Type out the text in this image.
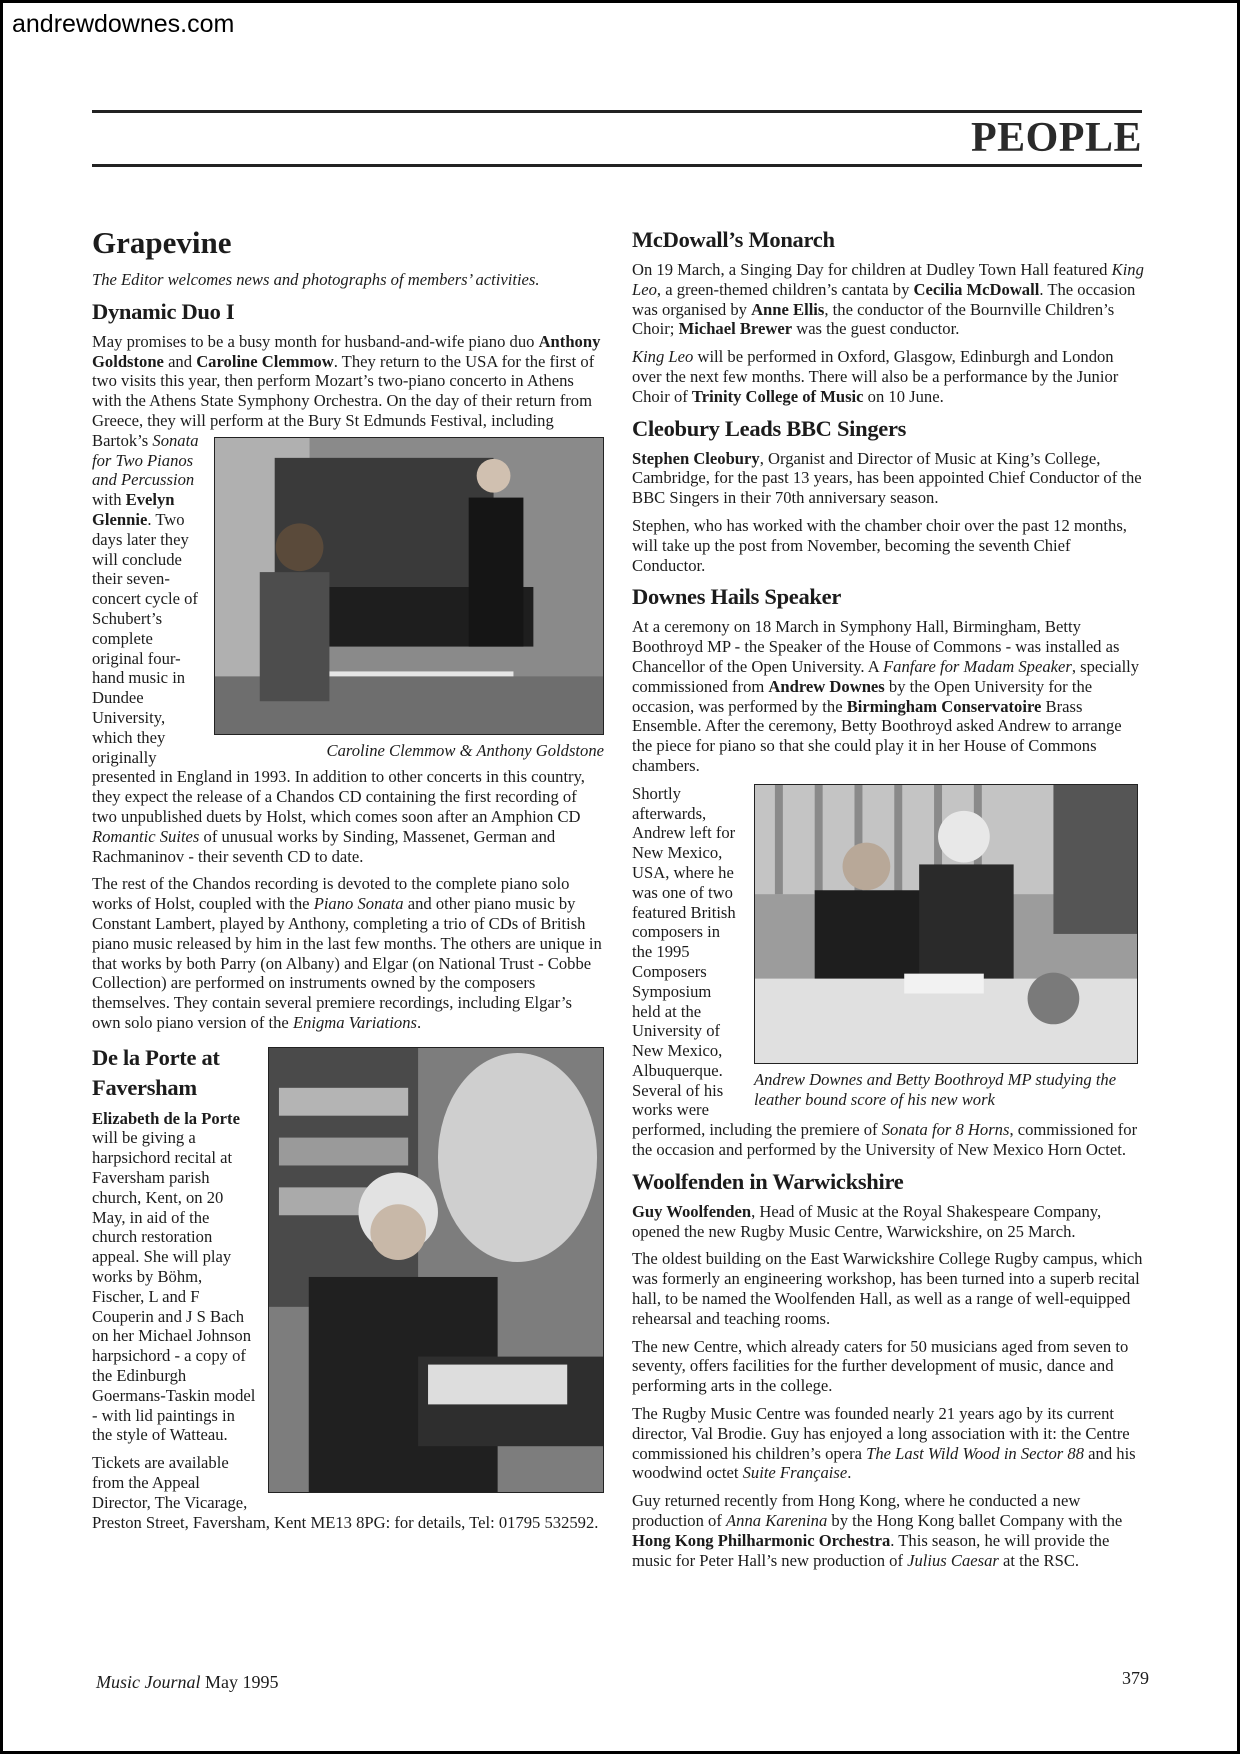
andrewdownes.com
PEOPLE
Grapevine

The Editor welcomes news and photographs of members’ activities.

Dynamic Duo I

May promises to be a busy month for husband-and-wife piano duo Anthony Goldstone and Caroline Clemmow. They return to the USA for the first of two visits this year, then perform Mozart’s two-piano concerto in Athens with the Athens State Symphony Orchestra. On the day of their return from Greece, they will perform at the Bury St Edmunds Festival, including Bartok’s
Caroline Clemmow & Anthony Goldstone
Sonata for Two Pianos and Percussion with Evelyn Glennie. Two days later they will conclude their seven-concert cycle of Schubert’s complete original four-hand music in Dundee University, which they originally presented in England in 1993. In addition to other concerts in this country, they expect the release of a Chandos CD containing the first recording of two unpublished duets by Holst, which comes soon after an Amphion CD Romantic Suites of unusual works by Sinding, Massenet, German and Rachmaninov - their seventh CD to date.

The rest of the Chandos recording is devoted to the complete piano solo works of Holst, coupled with the Piano Sonata and other piano music by Constant Lambert, played by Anthony, completing a trio of CDs of British piano music released by him in the last few months. The others are unique in that works by both Parry (on Albany) and Elgar (on National Trust - Cobbe Collection) are performed on instruments owned by the composers themselves. They contain several premiere recordings, including Elgar’s own solo piano version of the Enigma Variations.

De la Porte at Faversham

Elizabeth de la Porte will be giving a harpsichord recital at Faversham parish church, Kent, on 20 May, in aid of the church restoration appeal. She will play works by Böhm, Fischer, L and F Couperin and J S Bach on her Michael Johnson harpsichord - a copy of the Edinburgh Goermans-Taskin model - with lid paintings in the style of Watteau.

Tickets are available from the Appeal Director, The Vicarage, Preston Street, Faversham, Kent ME13 8PG: for details, Tel: 01795 532592.

McDowall’s Monarch

On 19 March, a Singing Day for children at Dudley Town Hall featured King Leo, a green-themed children’s cantata by Cecilia McDowall. The occasion was organised by Anne Ellis, the conductor of the Bournville Children’s Choir; Michael Brewer was the guest conductor.

King Leo will be performed in Oxford, Glasgow, Edinburgh and London over the next few months. There will also be a performance by the Junior Choir of Trinity College of Music on 10 June.

Cleobury Leads BBC Singers

Stephen Cleobury, Organist and Director of Music at King’s College, Cambridge, for the past 13 years, has been appointed Chief Conductor of the BBC Singers in their 70th anniversary season.

Stephen, who has worked with the chamber choir over the past 12 months, will take up the post from November, becoming the seventh Chief Conductor.

Downes Hails Speaker

At a ceremony on 18 March in Symphony Hall, Birmingham, Betty Boothroyd MP - the Speaker of the House of Commons - was installed as Chancellor of the Open University. A Fanfare for Madam Speaker, specially commissioned from Andrew Downes by the Open University for the occasion, was performed by the Birmingham Conservatoire Brass Ensemble. After the ceremony, Betty Boothroyd asked Andrew to arrange the piece for piano so that she could play it in her House of Commons chambers.

Andrew Downes and Betty Boothroyd MP studying the leather bound score of his new work
Shortly afterwards, Andrew left for New Mexico, USA, where he was one of two featured British composers in the 1995 Composers Symposium held at the University of New Mexico, Albuquerque. Several of his works were performed, including the premiere of Sonata for 8 Horns, commissioned for the occasion and performed by the University of New Mexico Horn Octet.

Woolfenden in Warwickshire

Guy Woolfenden, Head of Music at the Royal Shakespeare Company, opened the new Rugby Music Centre, Warwickshire, on 25 March.

The oldest building on the East Warwickshire College Rugby campus, which was formerly an engineering workshop, has been turned into a superb recital hall, to be named the Woolfenden Hall, as well as a range of well-equipped rehearsal and teaching rooms.

The new Centre, which already caters for 50 musicians aged from seven to seventy, offers facilities for the further development of music, dance and performing arts in the college.

The Rugby Music Centre was founded nearly 21 years ago by its current director, Val Brodie. Guy has enjoyed a long association with it: the Centre commissioned his children’s opera The Last Wild Wood in Sector 88 and his woodwind octet Suite Française.

Guy returned recently from Hong Kong, where he conducted a new production of Anna Karenina by the Hong Kong ballet Company with the Hong Kong Philharmonic Orchestra. This season, he will provide the music for Peter Hall’s new production of Julius Caesar at the RSC.

Music Journal May 1995	379
